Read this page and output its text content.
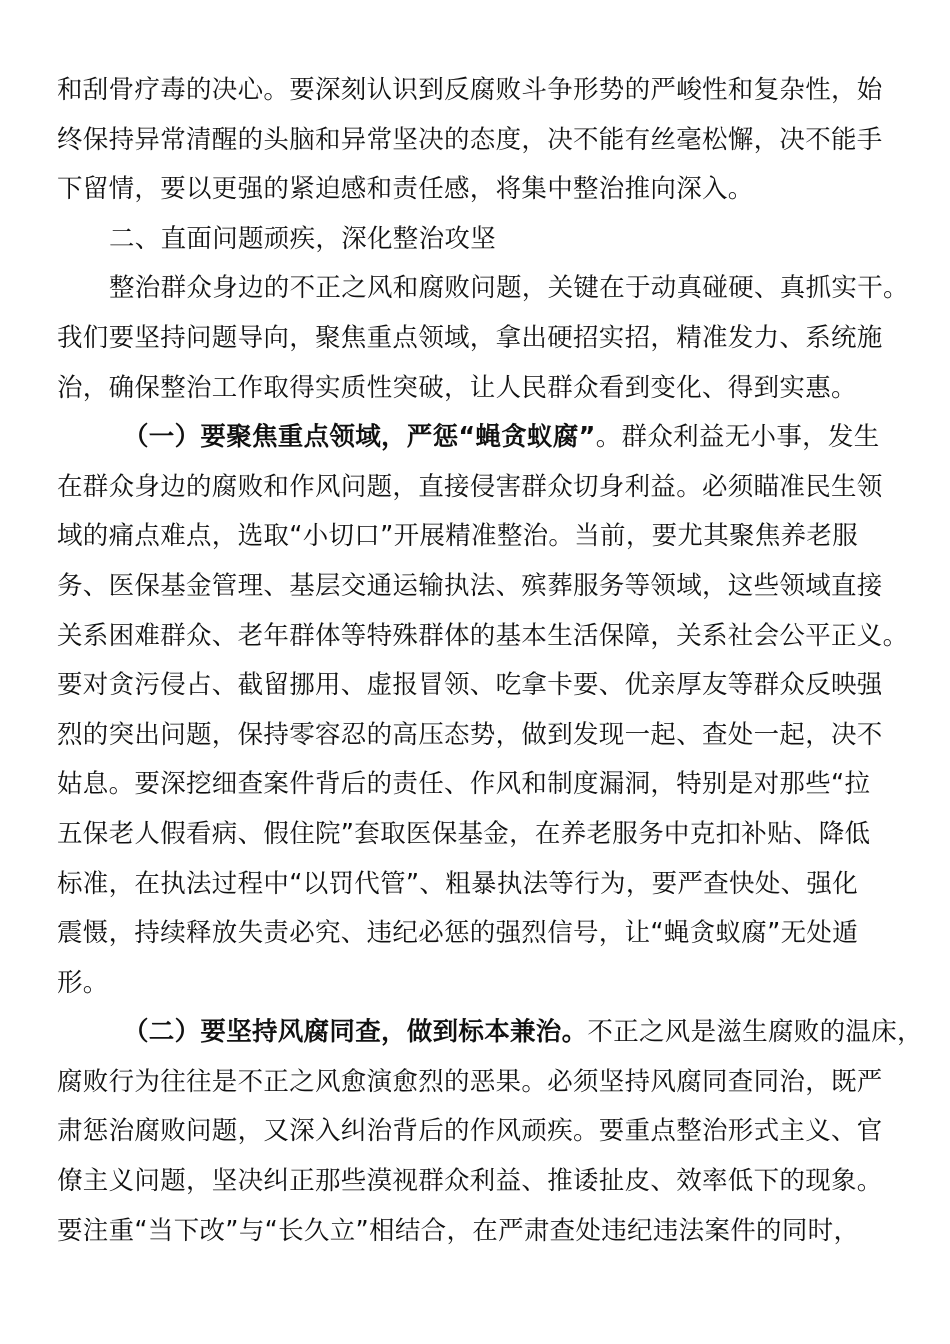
和刮骨疗毒的决心。要深刻认识到反腐败斗争形势的严峻性和复杂性，始
终保持异常清醒的头脑和异常坚决的态度，决不能有丝毫松懈，决不能手
下留情，要以更强的紧迫感和责任感，将集中整治推向深入。
二、直面问题顽疾，深化整治攻坚
整治群众身边的不正之风和腐败问题，关键在于动真碰硬、真抓实干。
我们要坚持问题导向，聚焦重点领域，拿出硬招实招，精准发力、系统施
治，确保整治工作取得实质性突破，让人民群众看到变化、得到实惠。
（一）要聚焦重点领域，严惩“蝇贪蚁腐”。群众利益无小事，发生
在群众身边的腐败和作风问题，直接侵害群众切身利益。必须瞄准民生领
域的痛点难点，选取“小切口”开展精准整治。当前，要尤其聚焦养老服
务、医保基金管理、基层交通运输执法、殡葬服务等领域，这些领域直接
关系困难群众、老年群体等特殊群体的基本生活保障，关系社会公平正义。
要对贪污侵占、截留挪用、虚报冒领、吃拿卡要、优亲厚友等群众反映强
烈的突出问题，保持零容忍的高压态势，做到发现一起、查处一起，决不
姑息。要深挖细查案件背后的责任、作风和制度漏洞，特别是对那些“拉
五保老人假看病、假住院”套取医保基金，在养老服务中克扣补贴、降低
标准，在执法过程中“以罚代管”、粗暴执法等行为，要严查快处、强化
震慑，持续释放失责必究、违纪必惩的强烈信号，让“蝇贪蚁腐”无处遁
形。
（二）要坚持风腐同查，做到标本兼治。不正之风是滋生腐败的温床，
腐败行为往往是不正之风愈演愈烈的恶果。必须坚持风腐同查同治，既严
肃惩治腐败问题，又深入纠治背后的作风顽疾。要重点整治形式主义、官
僚主义问题，坚决纠正那些漠视群众利益、推诿扯皮、效率低下的现象。
要注重“当下改”与“长久立”相结合，在严肃查处违纪违法案件的同时，
